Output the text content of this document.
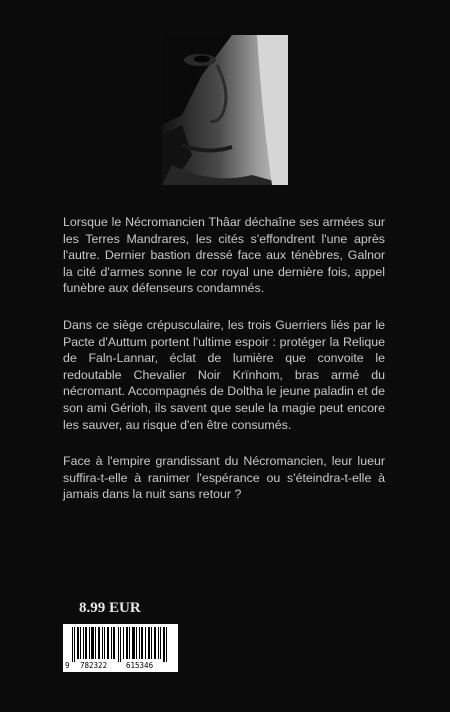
Lorsque le Nécromancien Thâar déchaîne ses armées sur les Terres Mandrares, les cités s'effondrent l'une après l'autre. Dernier bastion dressé face aux ténèbres, Galnor la cité d'armes sonne le cor royal une dernière fois, appel funèbre aux défenseurs condamnés.

Dans ce siège crépusculaire, les trois Guerriers liés par le Pacte d'Auttum portent l'ultime espoir : protéger la Relique de Faln-Lannar, éclat de lumière que convoite le redoutable Chevalier Noir Krïnhom, bras armé du nécromant. Accompagnés de Doltha le jeune paladin et de son ami Gérioh, ils savent que seule la magie peut encore les sauver, au risque d'en être consumés.

Face à l'empire grandissant du Nécromancien, leur lueur suffira-t-elle à ranimer l'espérance ou s'éteindra-t-elle à jamais dans la nuit sans retour ?

8.99 EUR
9 782322	615346
